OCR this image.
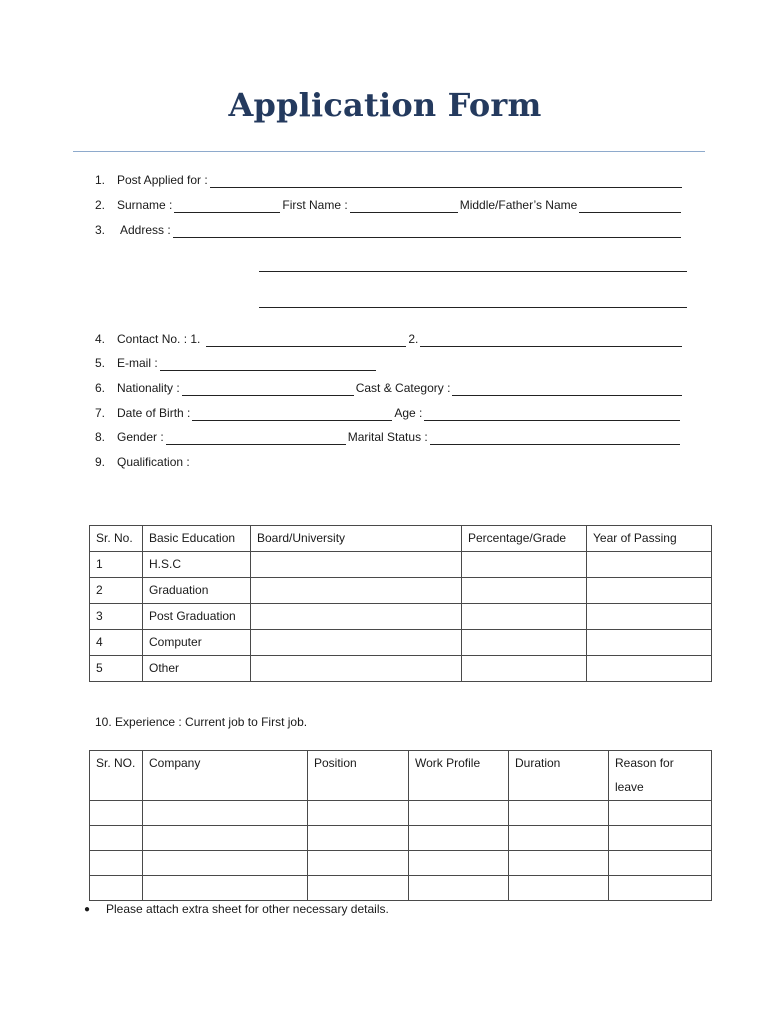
Application Form
1. Post Applied for :
2. Surname :	First Name :	Middle/Father’s Name
3.	Address :
4. Contact No. : 1.	2.
5. E-mail :
6. Nationality :	Cast & Category :
7. Date of Birth :	Age :
8. Gender :	Marital Status :
9. Qualification :
Sr. No.	Basic Education	Board/University	Percentage/Grade	Year of Passing
1	H.S.C			
2	Graduation			
3	Post Graduation			
4	Computer			
5	Other			
10. Experience : Current job to First job.
Sr. NO.	Company	Position	Work Profile	Duration	Reason for
leave

●	Please attach extra sheet for other necessary details.
